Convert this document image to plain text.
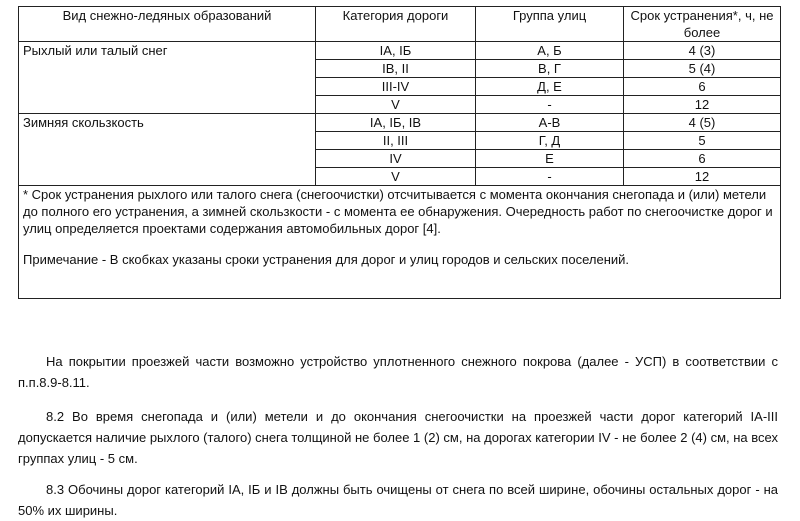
Вид снежно-ледяных образований	Категория дороги	Группа улиц	Срок устранения*, ч, не более
Рыхлый или талый снег	IА, IБ	А, Б	4 (3)
	IВ, II	В, Г	5 (4)
	III-IV	Д, Е	6
	V	-	12
Зимняя скользкость	IА, IБ, IВ	А-В	4 (5)
	II, III	Г, Д	5
	IV	Е	6
	V	-	12

* Срок устранения рыхлого или талого снега (снегоочистки) отсчитывается с момента окончания снегопада и (или) метели до полного его устранения, а зимней скользкости - с момента ее обнаружения. Очередность работ по снегоочистке дорог и улиц определяется проектами содержания автомобильных дорог [4].

Примечание - В скобках указаны сроки устранения для дорог и улиц городов и сельских поселений.			

На покрытии проезжей части возможно устройство уплотненного снежного покрова (далее - УСП) в соответствии с п.п.8.9-8.11.

8.2 Во время снегопада и (или) метели и до окончания снегоочистки на проезжей части дорог категорий IА-III допускается наличие рыхлого (талого) снега толщиной не более 1 (2) см, на дорогах категории IV - не более 2 (4) см, на всех группах улиц - 5 см.

8.3 Обочины дорог категорий IА, IБ и IВ должны быть очищены от снега по всей ширине, обочины остальных дорог - на 50% их ширины.
